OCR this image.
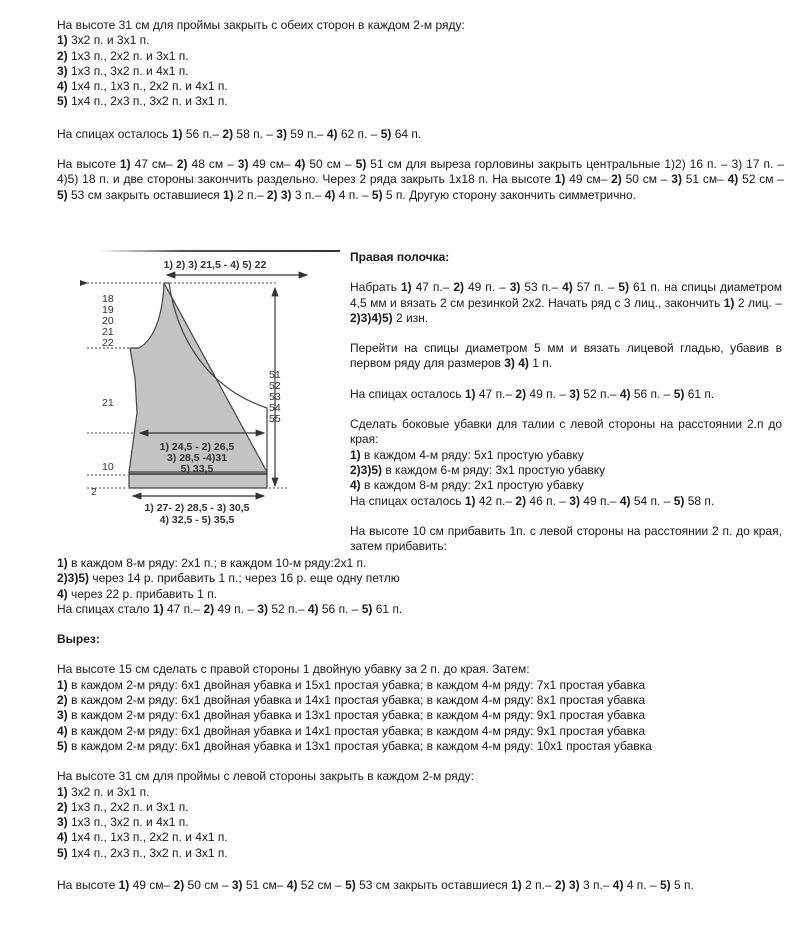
На высоте 31 см для проймы закрыть с обеих сторон в каждом 2-м ряду:

1) 3x2 п. и 3x1 п.

2) 1x3 п., 2x2 п. и 3x1 п.

3) 1x3 п., 3x2 п. и 4x1 п.

4) 1x4 п., 1x3 п., 2x2 п. и 4x1 п.

5) 1x4 п., 2x3 п., 3x2 п. и 3x1 п.

На спицах осталось 1) 56 п.– 2) 58 п. – 3) 59 п.– 4) 62 п. – 5) 64 п.

На высоте 1) 47 см– 2) 48 см – 3) 49 см– 4) 50 см – 5) 51 см для выреза горловины закрыть центральные 1)2) 16 п. – 3) 17 п. – 4)5) 18 п. и две стороны закончить раздельно. Через 2 ряда закрыть 1x18 п. На высоте 1) 49 см– 2) 50 см – 3) 51 см– 4) 52 см – 5) 53 см закрыть оставшиеся 1) 2 п.– 2) 3) 3 п.– 4) 4 п. – 5) 5 п. Другую сторону закончить симметрично.

1) 2) 3) 21,5 - 4) 5) 22
18
19
20
21
22
21
10
2
51
52
53
54
55
1) 24,5 - 2) 26,5
3) 28,5 -4)31
5) 33,5
1) 27- 2) 28,5 - 3) 30,5
4) 32,5 - 5) 35,5

Правая полочка:

Набрать 1) 47 п.– 2) 49 п. – 3) 53 п.– 4) 57 п. – 5) 61 п. на спицы диаметром 4,5 мм и вязать 2 см резинкой 2x2. Начать ряд с 3 лиц., закончить 1) 2 лиц. – 2)3)4)5) 2 изн.

Перейти на спицы диаметром 5 мм и вязать лицевой гладью, убавив в первом ряду для размеров 3) 4) 1 п.

На спицах осталось 1) 47 п.– 2) 49 п. – 3) 52 п.– 4) 56 п. – 5) 61 п.

Сделать боковые убавки для талии с левой стороны на расстоянии 2.п до края:

1) в каждом 4-м ряду: 5x1 простую убавку

2)3)5) в каждом 6-м ряду: 3x1 простую убавку

4) в каждом 8-м ряду: 2x1 простую убавку

На спицах осталось 1) 42 п.– 2) 46 п. – 3) 49 п.– 4) 54 п. – 5) 58 п.

На высоте 10 см прибавить 1п. с левой стороны на расстоянии 2 п. до края, затем прибавить:

1) в каждом 8-м ряду: 2x1 п.; в каждом 10-м ряду:2x1 п.

2)3)5) через 14 р. прибавить 1 п.; через 16 р. еще одну петлю

4) через 22 р. прибавить 1 п.

На спицах стало 1) 47 п.– 2) 49 п. – 3) 52 п.– 4) 56 п. – 5) 61 п.

Вырез:

На высоте 15 см сделать с правой стороны 1 двойную убавку за 2 п. до края. Затем:

1) в каждом 2-м ряду: 6x1 двойная убавка и 15x1 простая убавка; в каждом 4-м ряду: 7x1 простая убавка

2) в каждом 2-м ряду: 6x1 двойная убавка и 14x1 простая убавка; в каждом 4-м ряду: 8x1 простая убавка

3) в каждом 2-м ряду: 6x1 двойная убавка и 13x1 простая убавка; в каждом 4-м ряду: 9x1 простая убавка

4) в каждом 2-м ряду: 6x1 двойная убавка и 14x1 простая убавка; в каждом 4-м ряду: 9x1 простая убавка

5) в каждом 2-м ряду: 6x1 двойная убавка и 13x1 простая убавка; в каждом 4-м ряду: 10x1 простая убавка

На высоте 31 см для проймы с левой стороны закрыть в каждом 2-м ряду:

1) 3x2 п. и 3x1 п.

2) 1x3 п., 2x2 п. и 3x1 п.

3) 1x3 п., 3x2 п. и 4x1 п.

4) 1x4 п., 1x3 п., 2x2 п. и 4x1 п.

5) 1x4 п., 2x3 п., 3x2 п. и 3x1 п.

На высоте 1) 49 см– 2) 50 см – 3) 51 см– 4) 52 см – 5) 53 см закрыть оставшиеся 1) 2 п.– 2) 3) 3 п.– 4) 4 п. – 5) 5 п.
